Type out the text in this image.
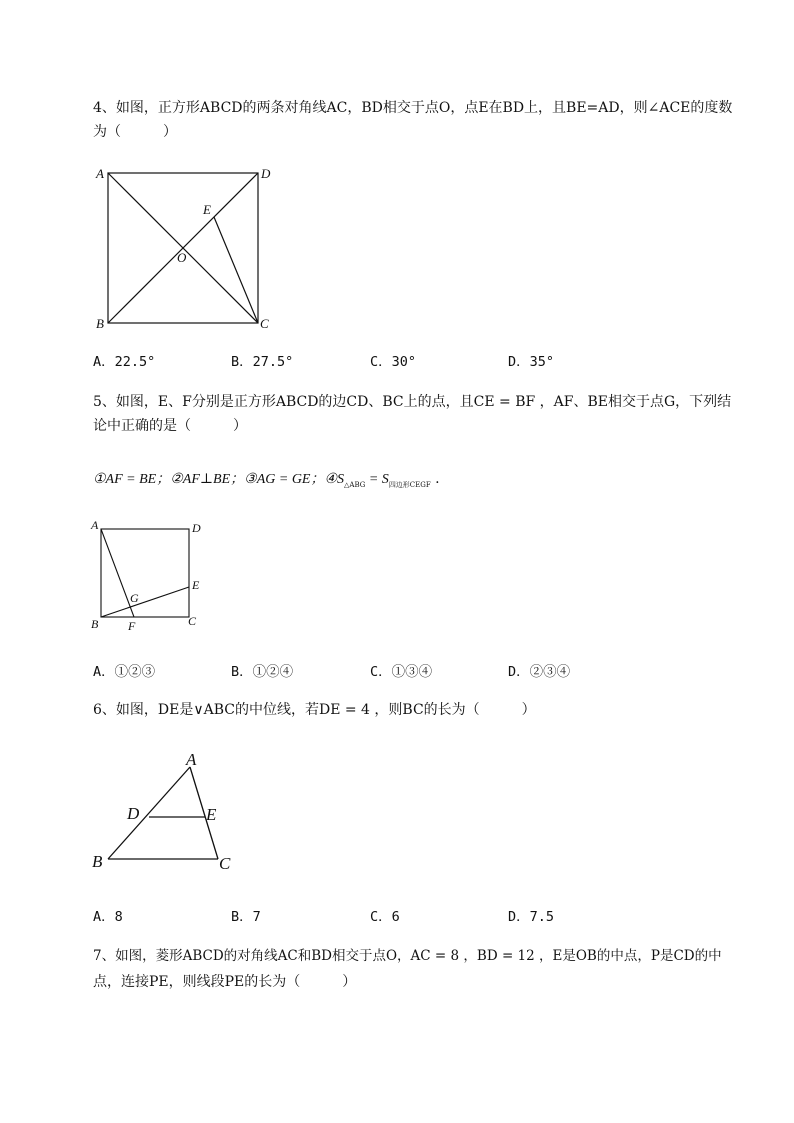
4、如图，正方形ABCD的两条对角线AC，BD相交于点O，点E在BD上，且BE=AD，则∠ACE的度数为（　　　）
A	D
B	C
E
O
A．22.5°	B．27.5°	C．30°	D．35°
5、如图，E、F分别是正方形ABCD的边CD、BC上的点，且CE = BF ，AF、BE相交于点G，下列结论中正确的是（　　　）
①AF = BE；②AF⊥BE；③AG = GE；$④S_{\triangle ABG} = S_{四边形CEGF}$ .
A	D
E
B F	C
G
A．①②③	B．①②④	C．①③④	D．②③④
6、如图，DE是∨ABC的中位线，若DE = 4 ，则BC的长为（　　　）
A
D	E
B	C
A．8	B．7	C．6	D．7.5
7、如图，菱形ABCD的对角线AC和BD相交于点O，AC = 8 ，BD = 12 ，E是OB的中点，P是CD的中
点，连接PE，则线段PE的长为（　　　）
